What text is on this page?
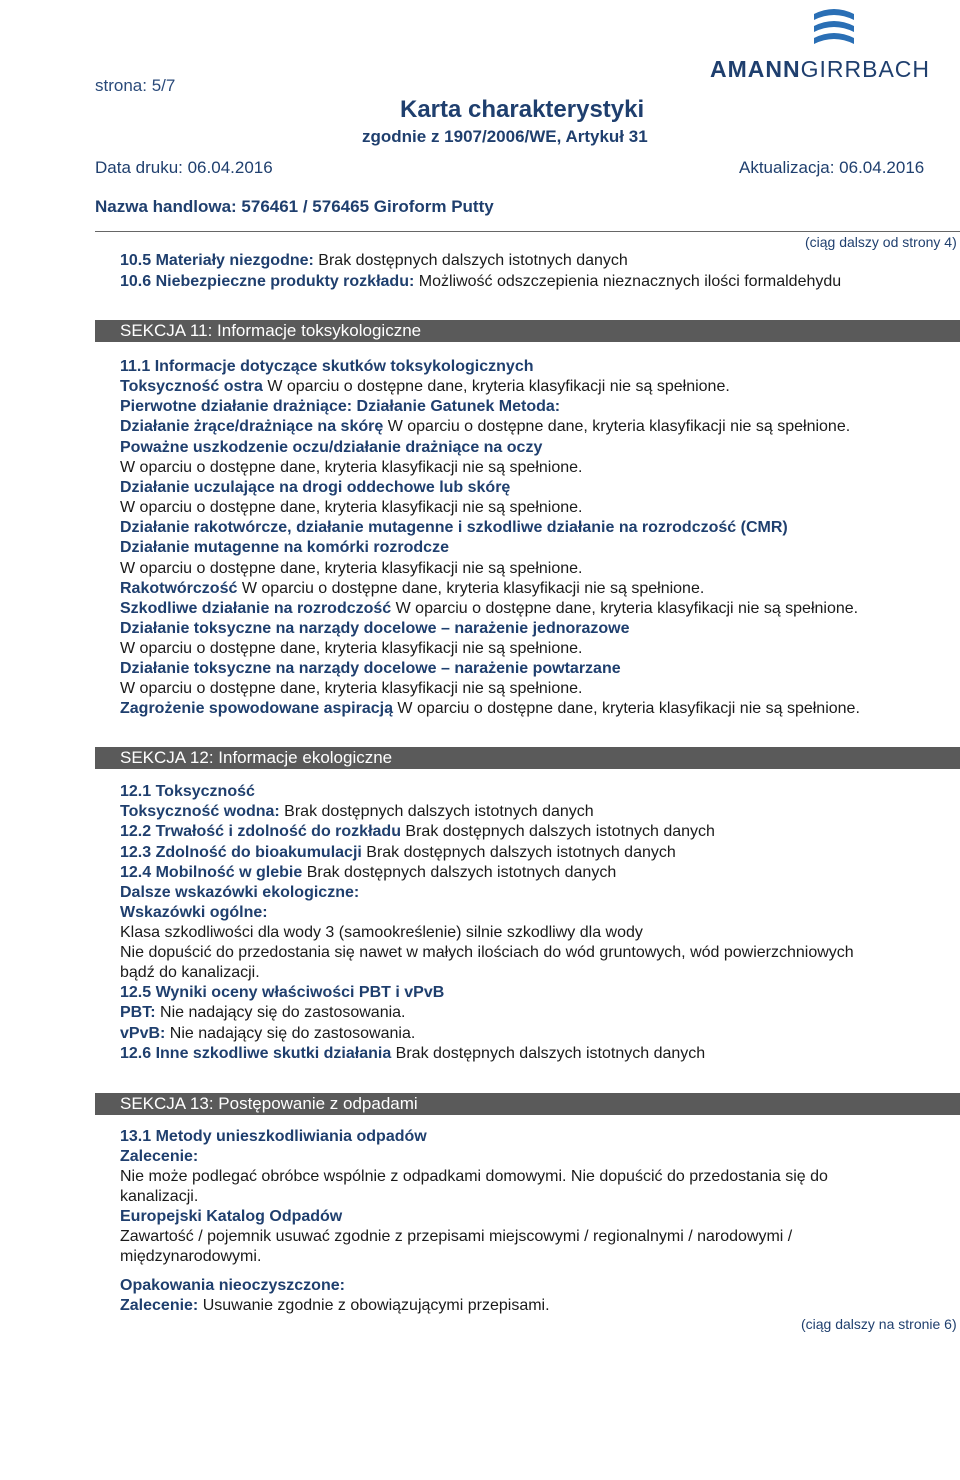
strona: 5/7
AMANNGIRRBACH
Karta charakterystyki
zgodnie z 1907/2006/WE, Artykuł 31
Data druku: 06.04.2016	Aktualizacja: 06.04.2016
Nazwa handlowa: 576461 / 576465 Giroform Putty
(ciąg dalszy od strony 4)
10.5 Materiały niezgodne: Brak dostępnych dalszych istotnych danych
10.6 Niebezpieczne produkty rozkładu: Możliwość odszczepienia nieznacznych ilości formaldehydu
SEKCJA 11: Informacje toksykologiczne
11.1 Informacje dotyczące skutków toksykologicznych
Toksyczność ostra W oparciu o dostępne dane, kryteria klasyfikacji nie są spełnione.
Pierwotne działanie drażniące: Działanie Gatunek Metoda:
Działanie żrące/drażniące na skórę W oparciu o dostępne dane, kryteria klasyfikacji nie są spełnione.
Poważne uszkodzenie oczu/działanie drażniące na oczy
W oparciu o dostępne dane, kryteria klasyfikacji nie są spełnione.
Działanie uczulające na drogi oddechowe lub skórę
W oparciu o dostępne dane, kryteria klasyfikacji nie są spełnione.
Działanie rakotwórcze, działanie mutagenne i szkodliwe działanie na rozrodczość (CMR)
Działanie mutagenne na komórki rozrodcze
W oparciu o dostępne dane, kryteria klasyfikacji nie są spełnione.
Rakotwórczość W oparciu o dostępne dane, kryteria klasyfikacji nie są spełnione.
Szkodliwe działanie na rozrodczość W oparciu o dostępne dane, kryteria klasyfikacji nie są spełnione.
Działanie toksyczne na narządy docelowe – narażenie jednorazowe
W oparciu o dostępne dane, kryteria klasyfikacji nie są spełnione.
Działanie toksyczne na narządy docelowe – narażenie powtarzane
W oparciu o dostępne dane, kryteria klasyfikacji nie są spełnione.
Zagrożenie spowodowane aspiracją W oparciu o dostępne dane, kryteria klasyfikacji nie są spełnione.
SEKCJA 12: Informacje ekologiczne
12.1 Toksyczność
Toksyczność wodna: Brak dostępnych dalszych istotnych danych
12.2 Trwałość i zdolność do rozkładu Brak dostępnych dalszych istotnych danych
12.3 Zdolność do bioakumulacji Brak dostępnych dalszych istotnych danych
12.4 Mobilność w glebie Brak dostępnych dalszych istotnych danych
Dalsze wskazówki ekologiczne:
Wskazówki ogólne:
Klasa szkodliwości dla wody 3 (samookreślenie) silnie szkodliwy dla wody
Nie dopuścić do przedostania się nawet w małych ilościach do wód gruntowych, wód powierzchniowych
bądź do kanalizacji.
12.5 Wyniki oceny właściwości PBT i vPvB
PBT: Nie nadający się do zastosowania.
vPvB: Nie nadający się do zastosowania.
12.6 Inne szkodliwe skutki działania Brak dostępnych dalszych istotnych danych
SEKCJA 13: Postępowanie z odpadami
13.1 Metody unieszkodliwiania odpadów
Zalecenie:
Nie może podlegać obróbce wspólnie z odpadkami domowymi. Nie dopuścić do przedostania się do
kanalizacji.
Europejski Katalog Odpadów
Zawartość / pojemnik usuwać zgodnie z przepisami miejscowymi / regionalnymi / narodowymi /
międzynarodowymi.
Opakowania nieoczyszczone:
Zalecenie: Usuwanie zgodnie z obowiązującymi przepisami.
(ciąg dalszy na stronie 6)
